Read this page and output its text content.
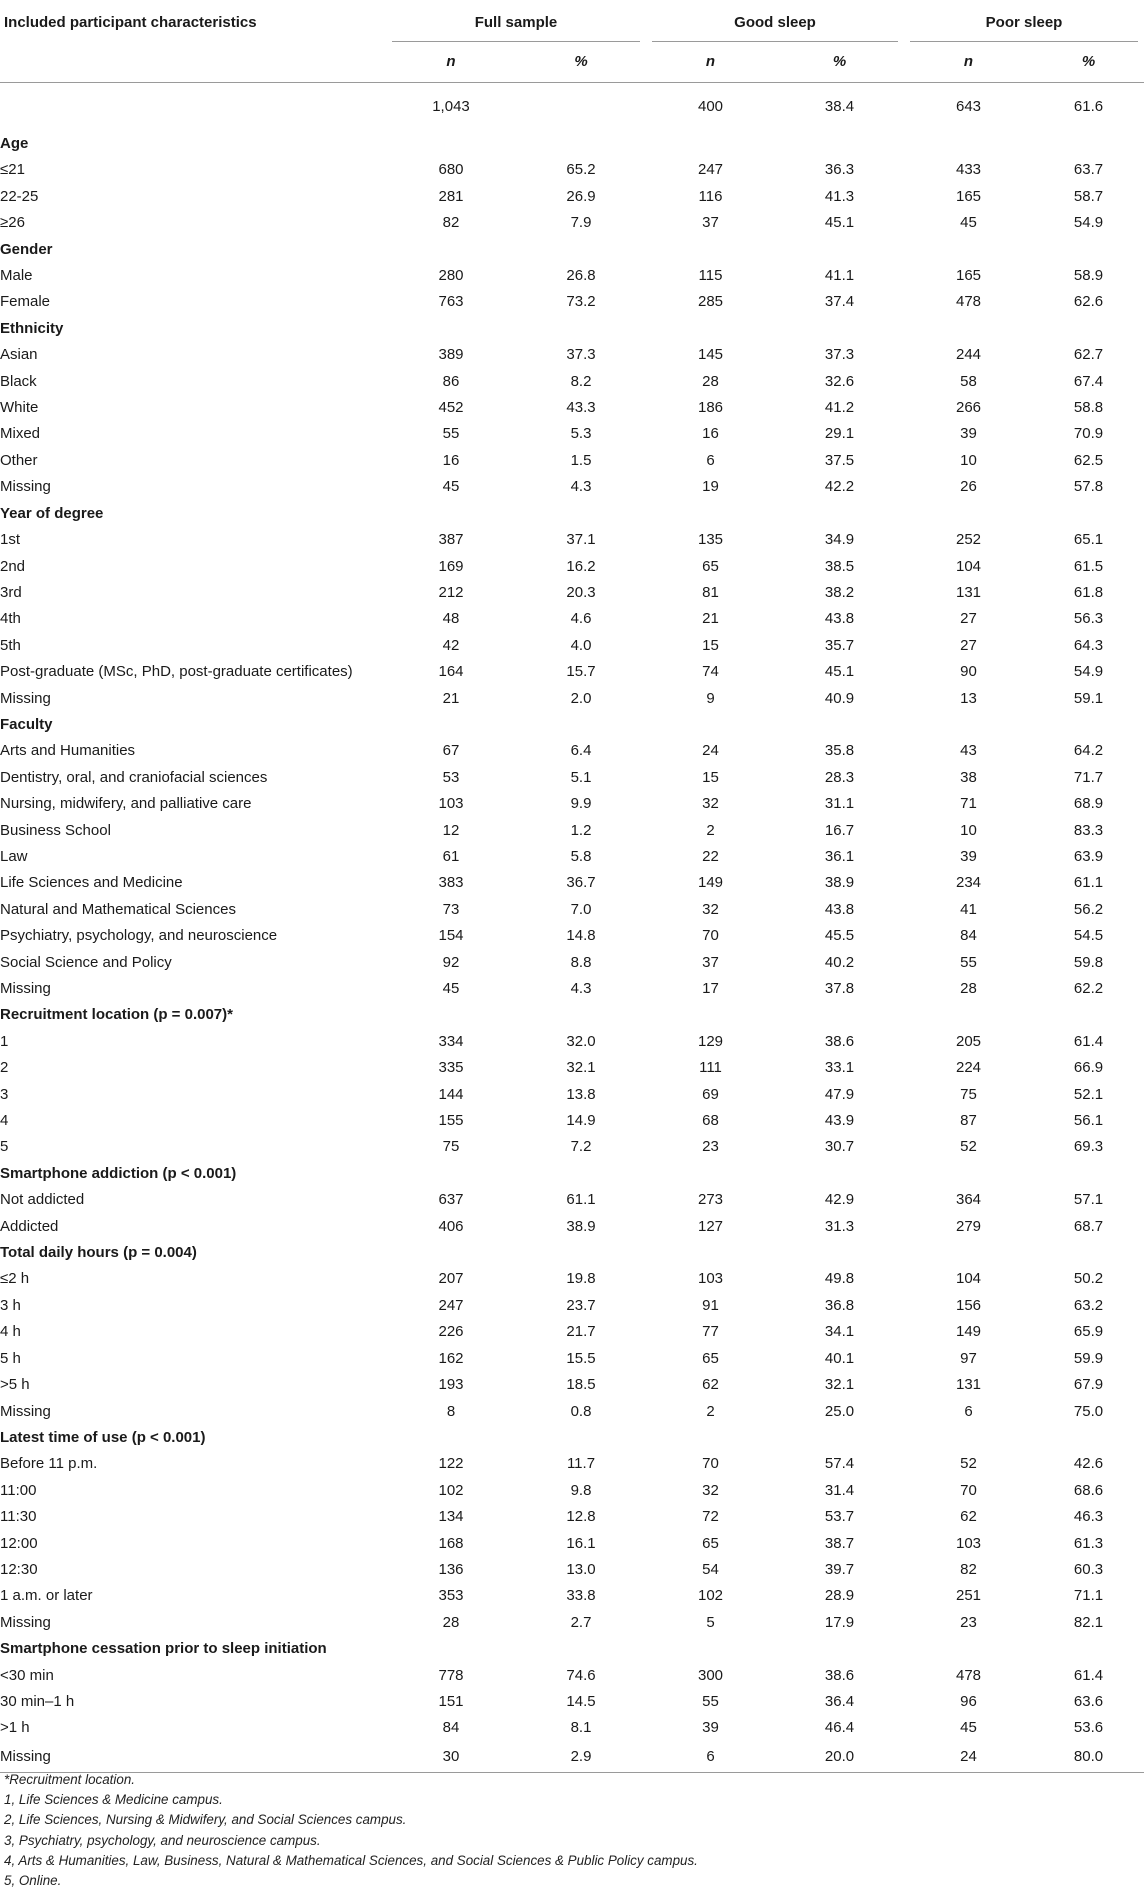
Included participant characteristics	Full sample		Good sleep		Poor sleep	

	n	%	n	%	n	%
	1,043		400	38.4	643	61.6
Age						
≤21	680	65.2	247	36.3	433	63.7
22-25	281	26.9	116	41.3	165	58.7
≥26	82	7.9	37	45.1	45	54.9
Gender						
Male	280	26.8	115	41.1	165	58.9
Female	763	73.2	285	37.4	478	62.6
Ethnicity						
Asian	389	37.3	145	37.3	244	62.7
Black	86	8.2	28	32.6	58	67.4
White	452	43.3	186	41.2	266	58.8
Mixed	55	5.3	16	29.1	39	70.9
Other	16	1.5	6	37.5	10	62.5
Missing	45	4.3	19	42.2	26	57.8
Year of degree						
1st	387	37.1	135	34.9	252	65.1
2nd	169	16.2	65	38.5	104	61.5
3rd	212	20.3	81	38.2	131	61.8
4th	48	4.6	21	43.8	27	56.3
5th	42	4.0	15	35.7	27	64.3
Post-graduate (MSc, PhD, post-graduate certificates)	164	15.7	74	45.1	90	54.9
Missing	21	2.0	9	40.9	13	59.1
Faculty						
Arts and Humanities	67	6.4	24	35.8	43	64.2
Dentistry, oral, and craniofacial sciences	53	5.1	15	28.3	38	71.7
Nursing, midwifery, and palliative care	103	9.9	32	31.1	71	68.9
Business School	12	1.2	2	16.7	10	83.3
Law	61	5.8	22	36.1	39	63.9
Life Sciences and Medicine	383	36.7	149	38.9	234	61.1
Natural and Mathematical Sciences	73	7.0	32	43.8	41	56.2
Psychiatry, psychology, and neuroscience	154	14.8	70	45.5	84	54.5
Social Science and Policy	92	8.8	37	40.2	55	59.8
Missing	45	4.3	17	37.8	28	62.2
Recruitment location (p = 0.007)*						
1	334	32.0	129	38.6	205	61.4
2	335	32.1	111	33.1	224	66.9
3	144	13.8	69	47.9	75	52.1
4	155	14.9	68	43.9	87	56.1
5	75	7.2	23	30.7	52	69.3
Smartphone addiction (p < 0.001)						
Not addicted	637	61.1	273	42.9	364	57.1
Addicted	406	38.9	127	31.3	279	68.7
Total daily hours (p = 0.004)						
≤2 h	207	19.8	103	49.8	104	50.2
3 h	247	23.7	91	36.8	156	63.2
4 h	226	21.7	77	34.1	149	65.9
5 h	162	15.5	65	40.1	97	59.9
>5 h	193	18.5	62	32.1	131	67.9
Missing	8	0.8	2	25.0	6	75.0
Latest time of use (p < 0.001)						
Before 11 p.m.	122	11.7	70	57.4	52	42.6
11:00	102	9.8	32	31.4	70	68.6
11:30	134	12.8	72	53.7	62	46.3
12:00	168	16.1	65	38.7	103	61.3
12:30	136	13.0	54	39.7	82	60.3
1 a.m. or later	353	33.8	102	28.9	251	71.1
Missing	28	2.7	5	17.9	23	82.1
Smartphone cessation prior to sleep initiation						
<30 min	778	74.6	300	38.6	478	61.4
30 min–1 h	151	14.5	55	36.4	96	63.6
>1 h	84	8.1	39	46.4	45	53.6
Missing	30	2.9	6	20.0	24	80.0
*Recruitment location.
1, Life Sciences & Medicine campus.
2, Life Sciences, Nursing & Midwifery, and Social Sciences campus.
3, Psychiatry, psychology, and neuroscience campus.
4, Arts & Humanities, Law, Business, Natural & Mathematical Sciences, and Social Sciences & Public Policy campus.
5, Online.
